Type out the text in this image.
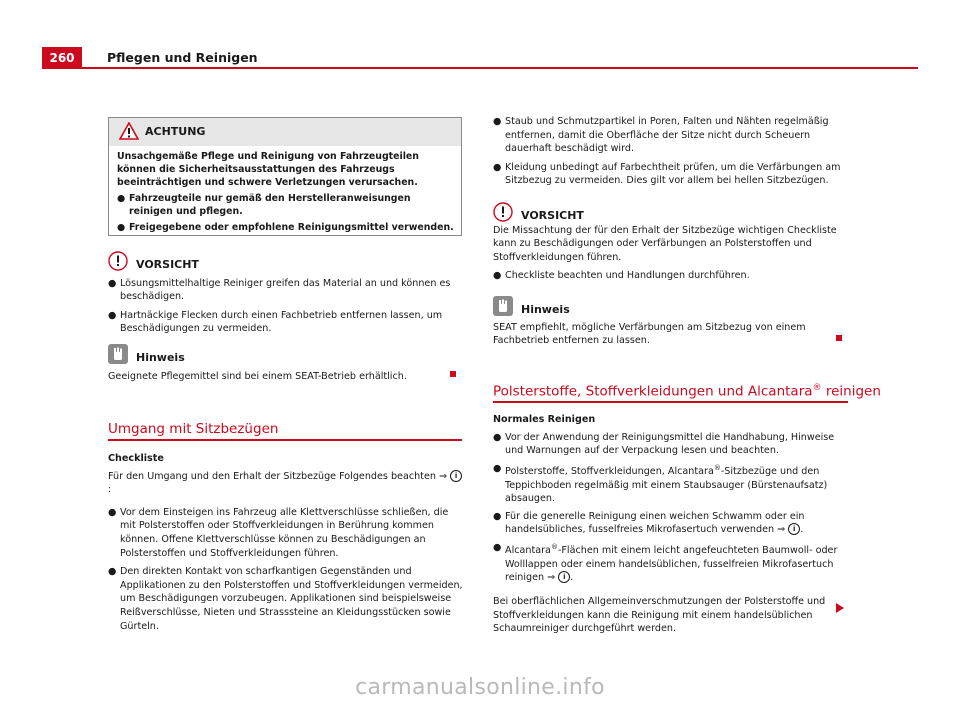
260	Pflegen und Reinigen
ACHTUNG

Unsachgemäße Pflege und Reinigung von Fahrzeugteilen können die Sicherheitsausstattungen des Fahrzeugs beeinträchtigen und schwere Verletzungen verursachen.

● Fahrzeugteile nur gemäß den Herstelleranweisungen reinigen und pflegen.
● Freigegebene oder empfohlene Reinigungsmittel verwenden.
VORSICHT
● Lösungsmittelhaltige Reiniger greifen das Material an und können es beschädigen.
● Hartnäckige Flecken durch einen Fachbetrieb entfernen lassen, um Beschädigungen zu vermeiden.
Hinweis

Geeignete Pflegemittel sind bei einem SEAT-Betrieb erhältlich.

Umgang mit Sitzbezügen

Checkliste

Für den Umgang und den Erhalt der Sitzbezüge Folgendes beachten ⇒ i:

● Vor dem Einsteigen ins Fahrzeug alle Klettverschlüsse schließen, die mit Polsterstoffen oder Stoffverkleidungen in Berührung kommen können. Offene Klettverschlüsse können zu Beschädigungen an Polsterstoffen und Stoffverkleidungen führen.
● Den direkten Kontakt von scharfkantigen Gegenständen und Applikationen zu den Polsterstoffen und Stoffverkleidungen vermeiden, um Beschädigungen vorzubeugen. Applikationen sind beispielsweise Reißverschlüsse, Nieten und Strasssteine an Kleidungsstücken sowie Gürteln.
● Staub und Schmutzpartikel in Poren, Falten und Nähten regelmäßig entfernen, damit die Oberfläche der Sitze nicht durch Scheuern dauerhaft beschädigt wird.
● Kleidung unbedingt auf Farbechtheit prüfen, um die Verfärbungen am Sitzbezug zu vermeiden. Dies gilt vor allem bei hellen Sitzbezügen.
VORSICHT

Die Missachtung der für den Erhalt der Sitzbezüge wichtigen Checkliste kann zu Beschädigungen oder Verfärbungen an Polsterstoffen und Stoffverkleidungen führen.

● Checkliste beachten und Handlungen durchführen.
Hinweis

SEAT empfiehlt, mögliche Verfärbungen am Sitzbezug von einem Fachbetrieb entfernen zu lassen.

Polsterstoffe, Stoffverkleidungen und Alcantara® reinigen

Normales Reinigen

● Vor der Anwendung der Reinigungsmittel die Handhabung, Hinweise und Warnungen auf der Verpackung lesen und beachten.
● Polsterstoffe, Stoffverkleidungen, Alcantara®-Sitzbezüge und den Teppichboden regelmäßig mit einem Staubsauger (Bürstenaufsatz) absaugen.
● Für die generelle Reinigung einen weichen Schwamm oder ein handelsübliches, fusselfreies Mikrofasertuch verwenden ⇒ i .
● Alcantara®-Flächen mit einem leicht angefeuchteten Baumwoll- oder Wolllappen oder einem handelsüblichen, fusselfreien Mikrofasertuch reinigen ⇒ i .

Bei oberflächlichen Allgemeinverschmutzungen der Polsterstoffe und Stoffverkleidungen kann die Reinigung mit einem handelsüblichen Schaumreiniger durchgeführt werden.

carmanualsonline.info
